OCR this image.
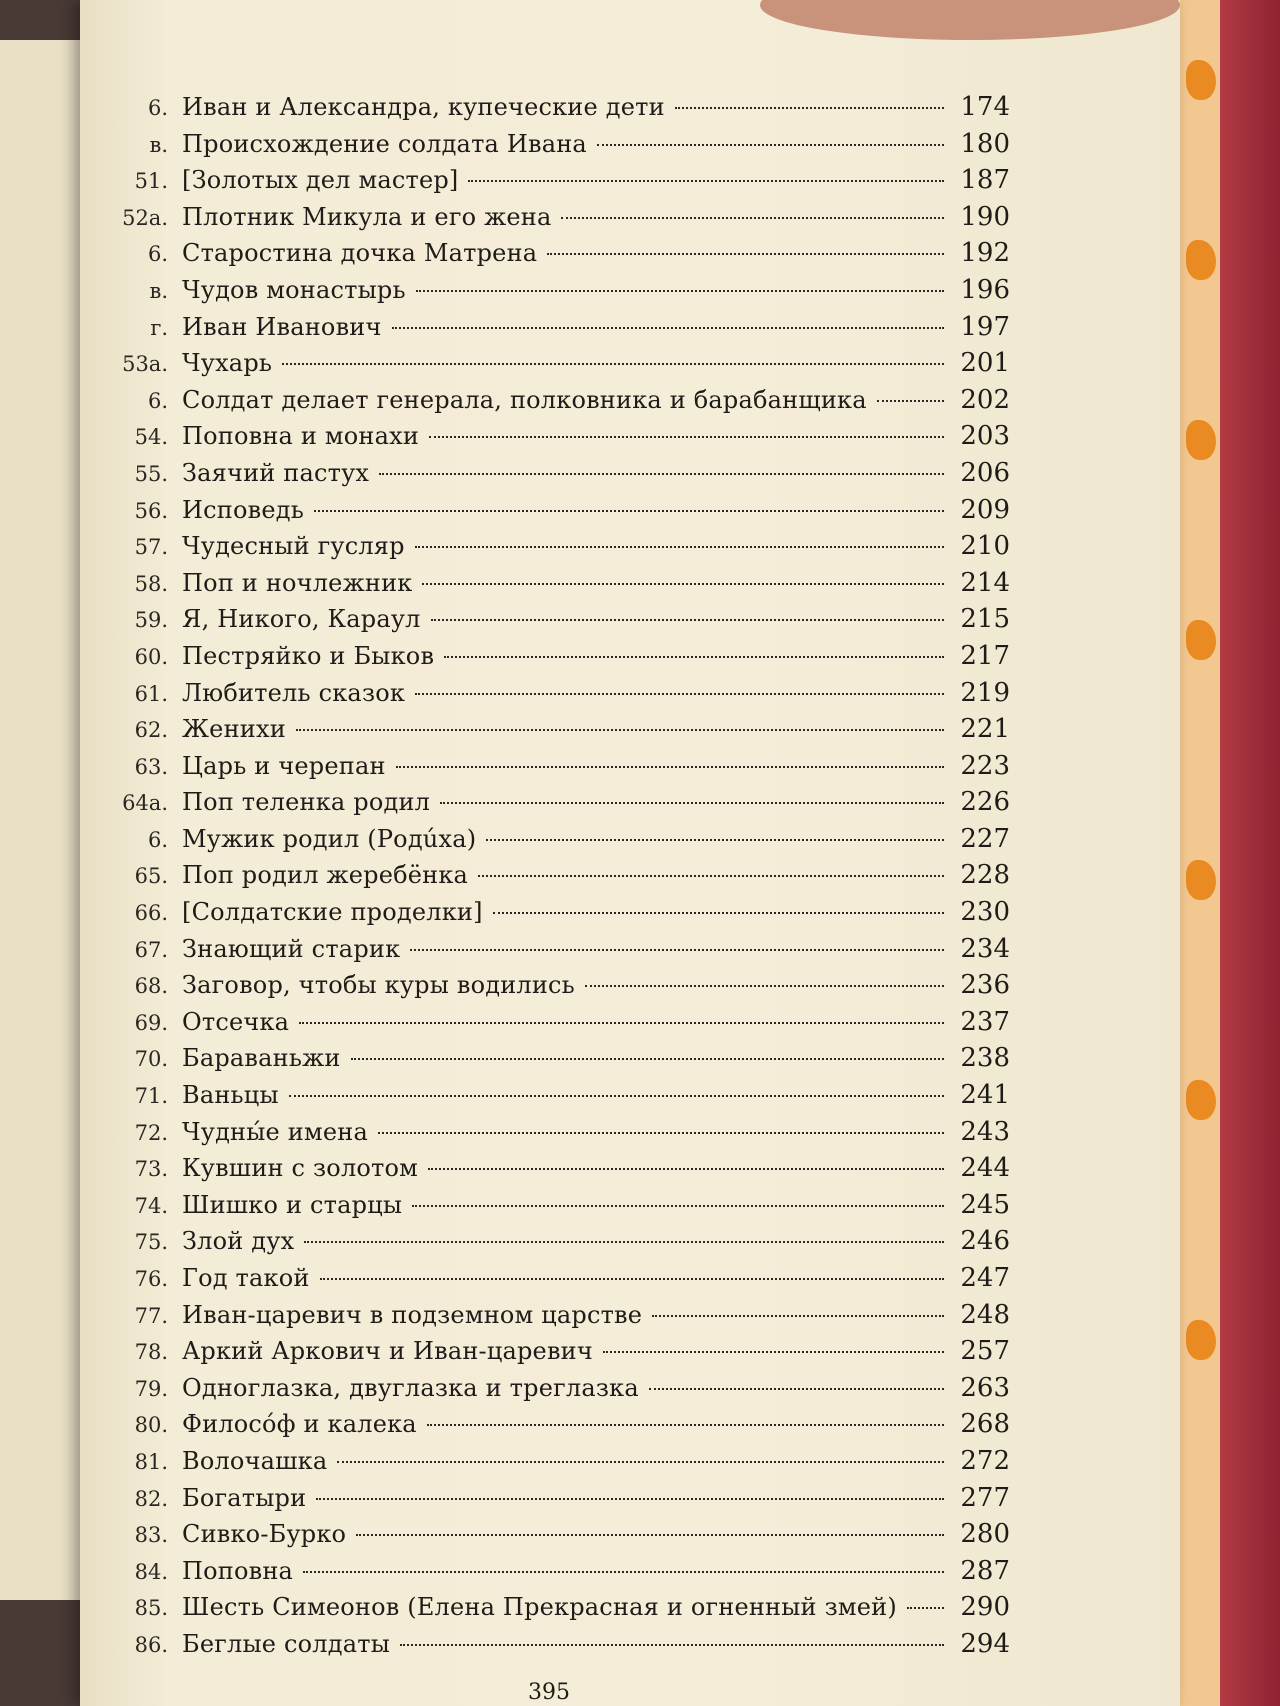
6. Иван и Александра, купеческие дети	174
в. Происхождение солдата Ивана	180
51. [Золотых дел мастер]	187
52а. Плотник Микула и его жена	190
6. Старостина дочка Матрена	192
в. Чудов монастырь	196
г. Иван Иванович	197
53а. Чухарь	201
6. Солдат делает генерала, полковника и барабанщика	202
54. Поповна и монахи	203
55. Заячий пастух	206
56. Исповедь	209
57. Чудесный гусляр	210
58. Поп и ночлежник	214
59. Я, Никого, Караул	215
60. Пестряйко и Быков	217
61. Любитель сказок	219
62. Женихи	221
63. Царь и черепан	223
64а. Поп теленка родил	226
6. Мужик родил (Родúха)	227
65. Поп родил жеребёнка	228
66. [Солдатские проделки]	230
67. Знающий старик	234
68. Заговор, чтобы куры водились	236
69. Отсечка	237
70. Бараваньжи	238
71. Ваньцы	241
72. Чудны́е имена	243
73. Кувшин с золотом	244
74. Шишко и старцы	245
75. Злой дух	246
76. Год такой	247
77. Иван-царевич в подземном царстве	248
78. Аркий Аркович и Иван-царевич	257
79. Одноглазка, двуглазка и треглазка	263
80. Филосо́ф и калека	268
81. Волочашка	272
82. Богатыри	277
83. Сивко-Бурко	280
84. Поповна	287
85. Шесть Симеонов (Елена Прекрасная и огненный змей) 290
86. Беглые солдаты	294
395
